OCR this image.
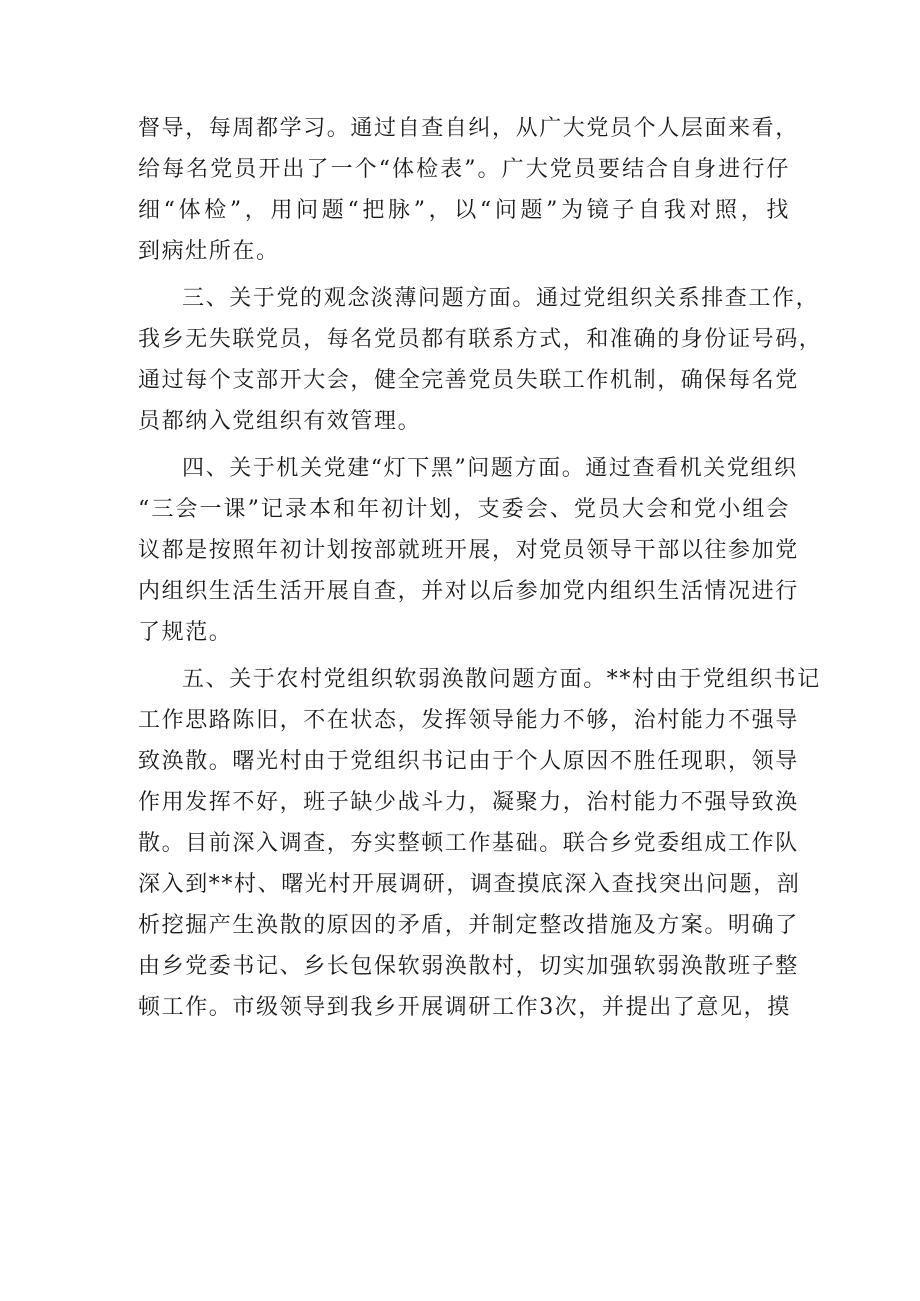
督导，每周都学习。通过自查自纠，从广大党员个人层面来看，
给每名党员开出了一个“体检表”。广大党员要结合自身进行仔
细“体检”，用问题“把脉”，以“问题”为镜子自我对照，找
到病灶所在。

三、关于党的观念淡薄问题方面。通过党组织关系排查工作，
我乡无失联党员，每名党员都有联系方式，和准确的身份证号码，
通过每个支部开大会，健全完善党员失联工作机制，确保每名党
员都纳入党组织有效管理。

四、关于机关党建“灯下黑”问题方面。通过查看机关党组织
“三会一课”记录本和年初计划，支委会、党员大会和党小组会
议都是按照年初计划按部就班开展，对党员领导干部以往参加党
内组织生活生活开展自查，并对以后参加党内组织生活情况进行
了规范。

五、关于农村党组织软弱涣散问题方面。**村由于党组织书记
工作思路陈旧，不在状态，发挥领导能力不够，治村能力不强导
致涣散。曙光村由于党组织书记由于个人原因不胜任现职，领导
作用发挥不好，班子缺少战斗力，凝聚力，治村能力不强导致涣
散。目前深入调查，夯实整顿工作基础。联合乡党委组成工作队
深入到**村、曙光村开展调研，调查摸底深入查找突出问题，剖
析挖掘产生涣散的原因的矛盾，并制定整改措施及方案。明确了
由乡党委书记、乡长包保软弱涣散村，切实加强软弱涣散班子整
顿工作。市级领导到我乡开展调研工作3次，并提出了意见，摸
